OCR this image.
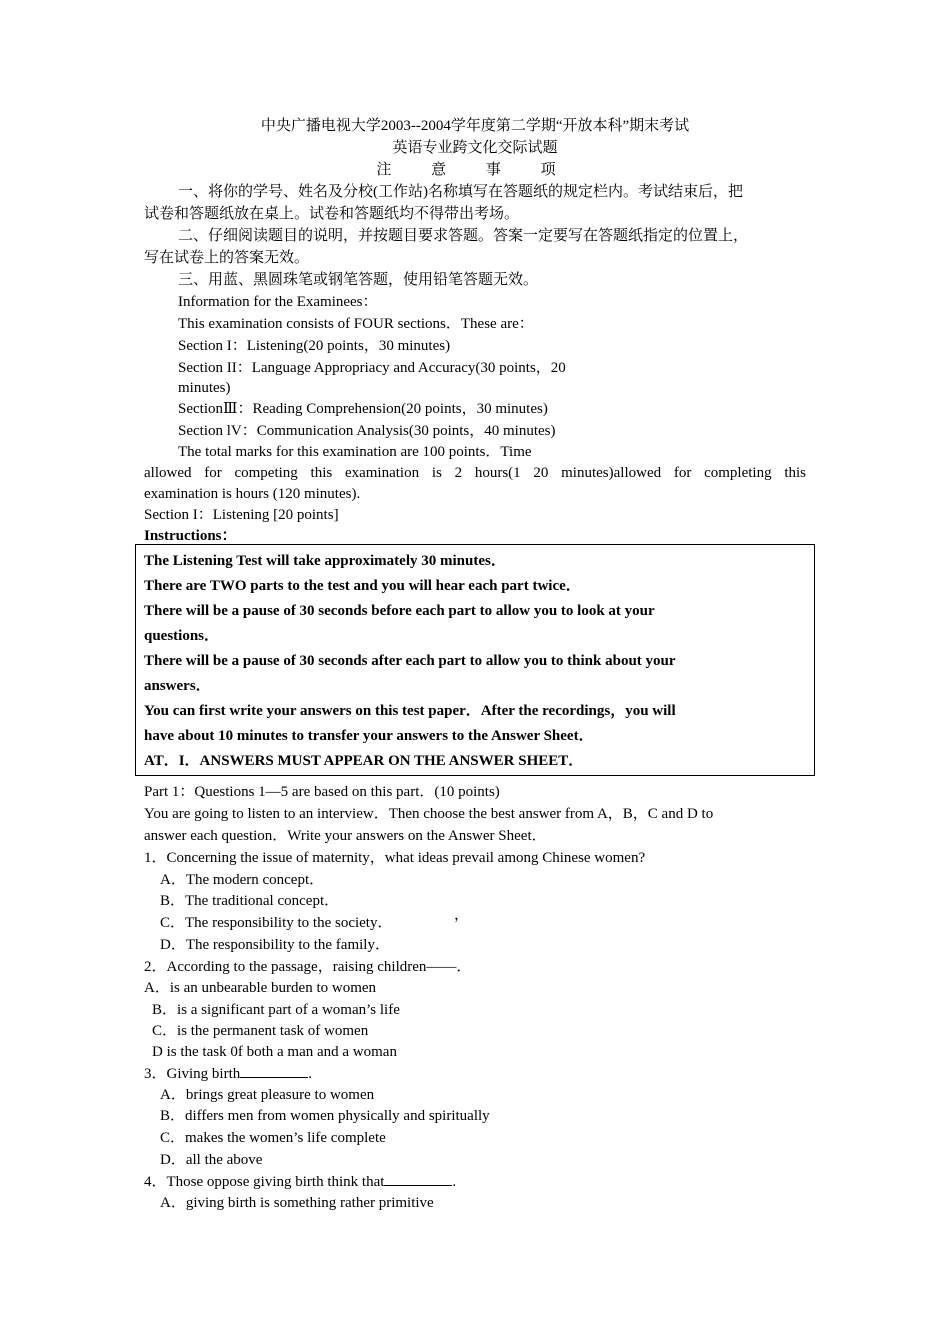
中央广播电视大学2003--2004学年度第二学期“开放本科”期末考试
英语专业跨文化交际试题
注 意 事 项
一、将你的学号、姓名及分校(工作站)名称填写在答题纸的规定栏内。考试结束后，把
试卷和答题纸放在桌上。试卷和答题纸均不得带出考场。
二、仔细阅读题目的说明，并按题目要求答题。答案一定要写在答题纸指定的位置上，
写在试卷上的答案无效。
三、用蓝、黑圆珠笔或钢笔答题，使用铅笔答题无效。
Information for the Examinees：
This examination consists of FOUR sections．These are：
Section I：Listening(20 points，30 minutes)
Section II：Language Appropriacy and Accuracy(30 points，20
minutes)
SectionⅢ：Reading Comprehension(20 points，30 minutes)
Section lV：Communication Analysis(30 points，40 minutes)
The total marks for this examination are 100 points．Time
allowed for competing this examination is 2 hours(1 20 minutes)allowed for completing this
examination is hours (120 minutes).
Section I：Listening [20 points]
Instructions：
The Listening Test will take approximately 30 minutes．
There are TWO parts to the test and you will hear each part twice．
There will be a pause of 30 seconds before each part to allow you to look at your
questions．
There will be a pause of 30 seconds after each part to allow you to think about your
answers．
You can first write your answers on this test paper．After the recordings，you will
have about 10 minutes to transfer your answers to the Answer Sheet．
AT．I．ANSWERS MUST APPEAR ON THE ANSWER SHEET．
Part 1：Questions 1—5 are based on this part．(10 points)
You are going to listen to an interview．Then choose the best answer from A，B，C and D to
answer each question．Write your answers on the Answer Sheet．
1．Concerning the issue of maternity，what ideas prevail among Chinese women?
A．The modern concept．
B．The traditional concept．
C．The responsibility to the society．	，
D．The responsibility to the family．
2．According to the passage，raising children——．
A．is an unbearable burden to women
B．is a significant part of a woman’s life
C．is the permanent task of women
D is the task 0f both a man and a woman
3．Giving birth	.
A．brings great pleasure to women
B．differs men from women physically and spiritually
C．makes the women’s life complete
D．all the above
4．Those oppose giving birth think that	.
A．giving birth is something rather primitive
